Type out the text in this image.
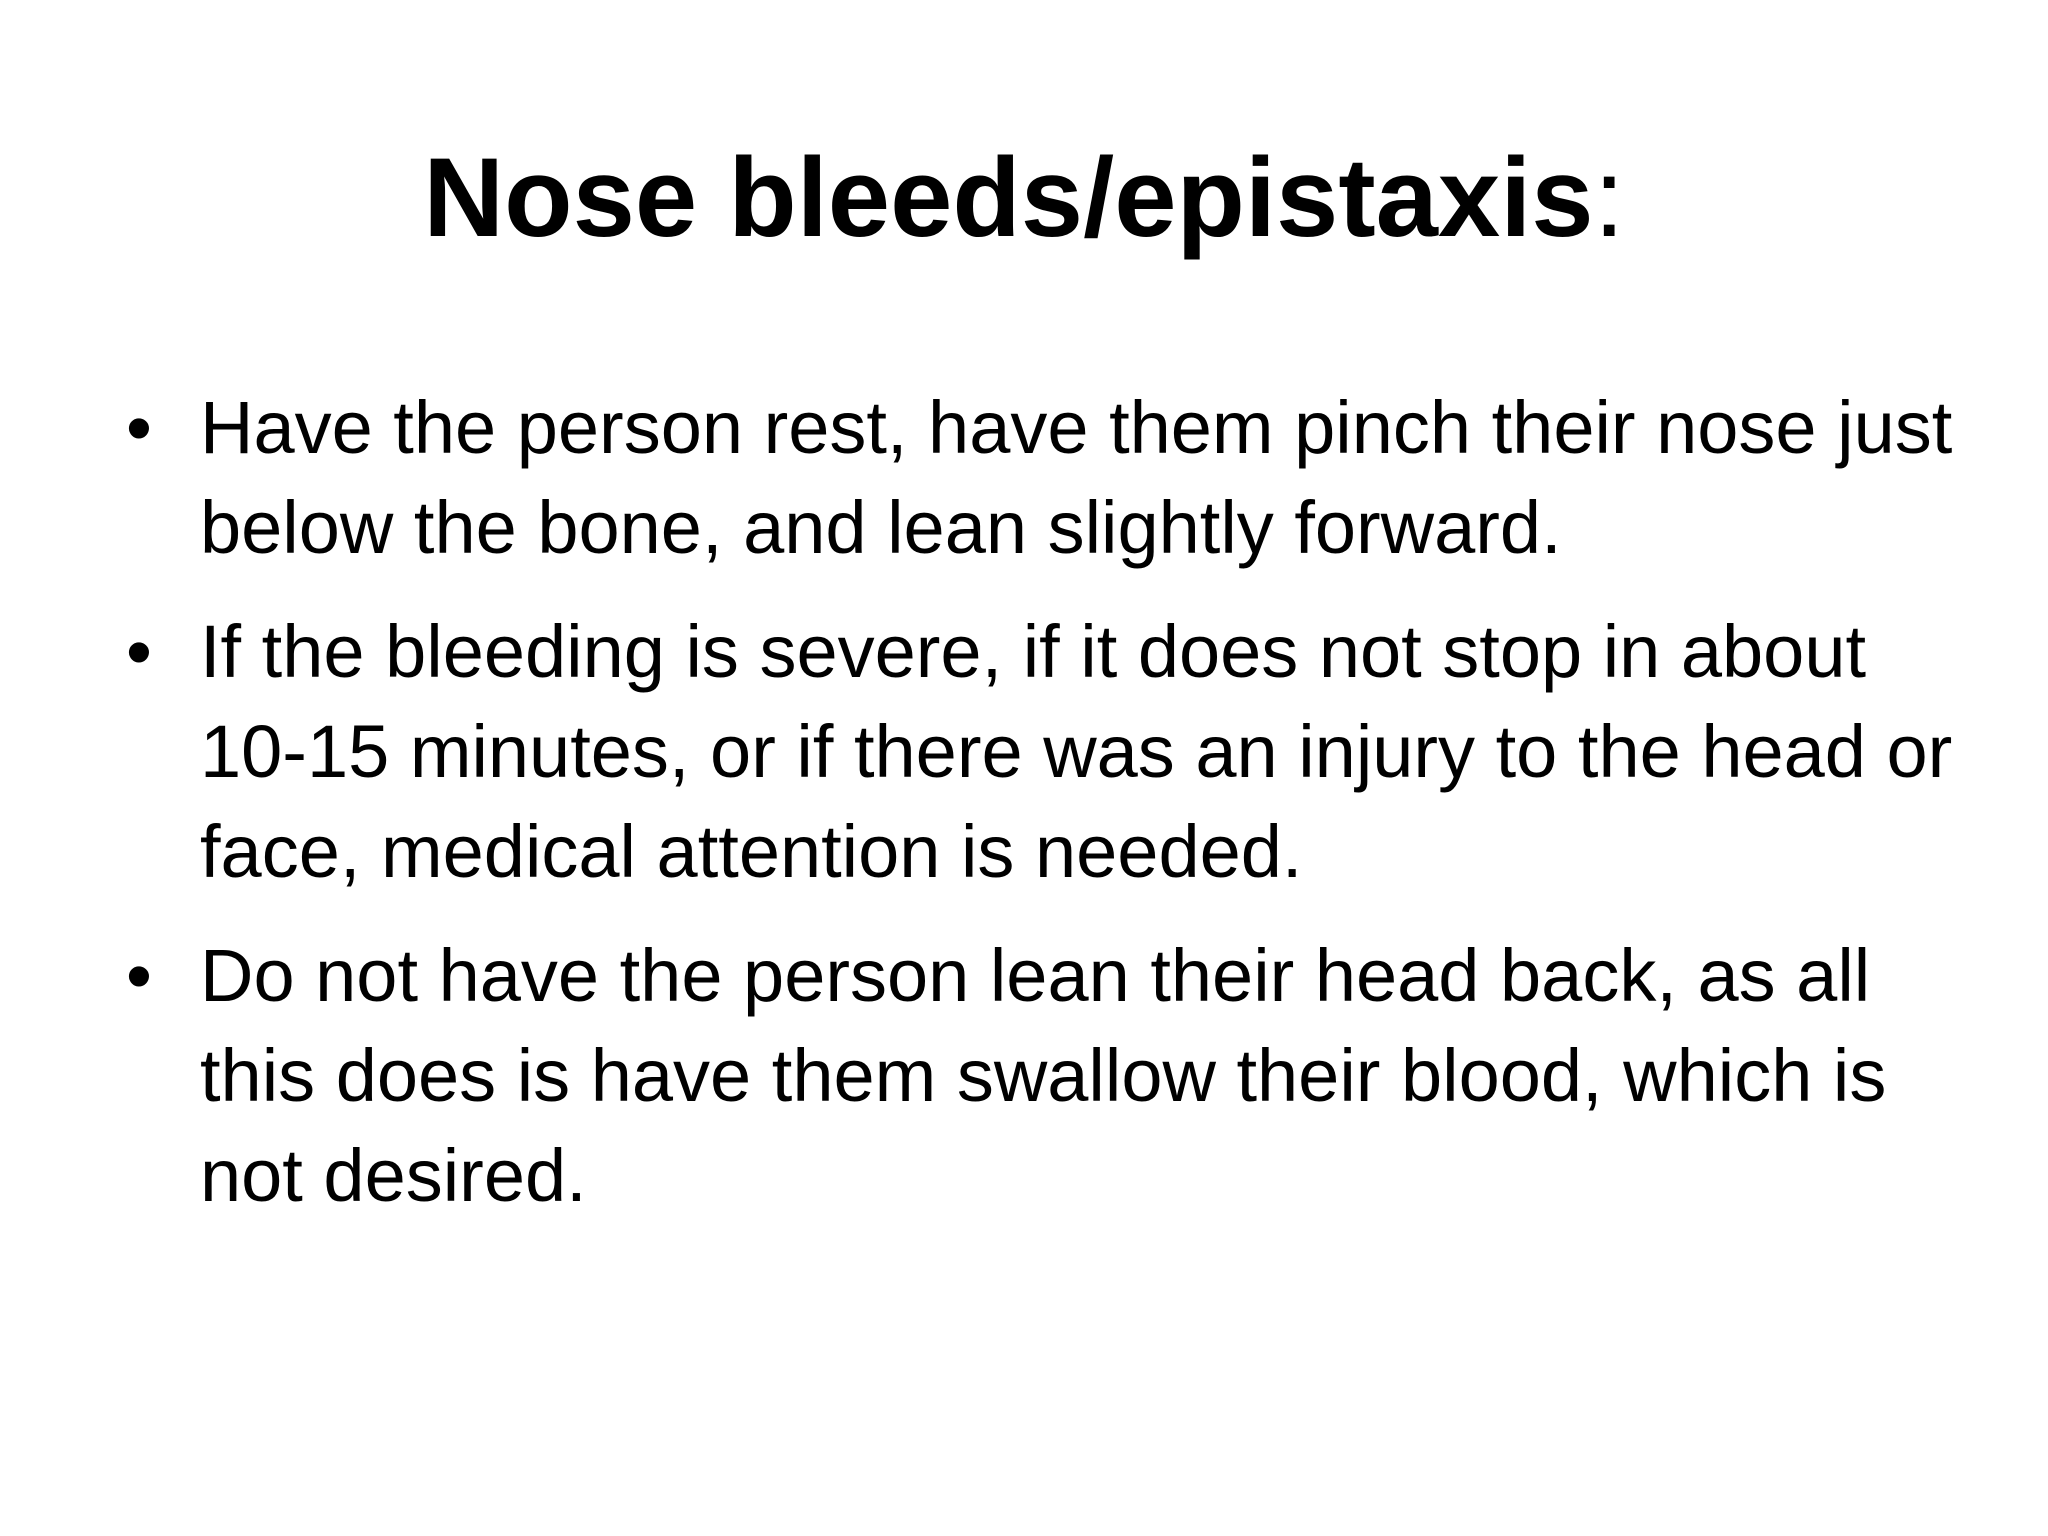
Nose bleeds/epistaxis:
• Have the person rest, have them pinch their nose just below the bone, and lean slightly forward.
• If the bleeding is severe, if it does not stop in about 10-15 minutes, or if there was an injury to the head or face, medical attention is needed.
• Do not have the person lean their head back, as all this does is have them swallow their blood, which is not desired.
